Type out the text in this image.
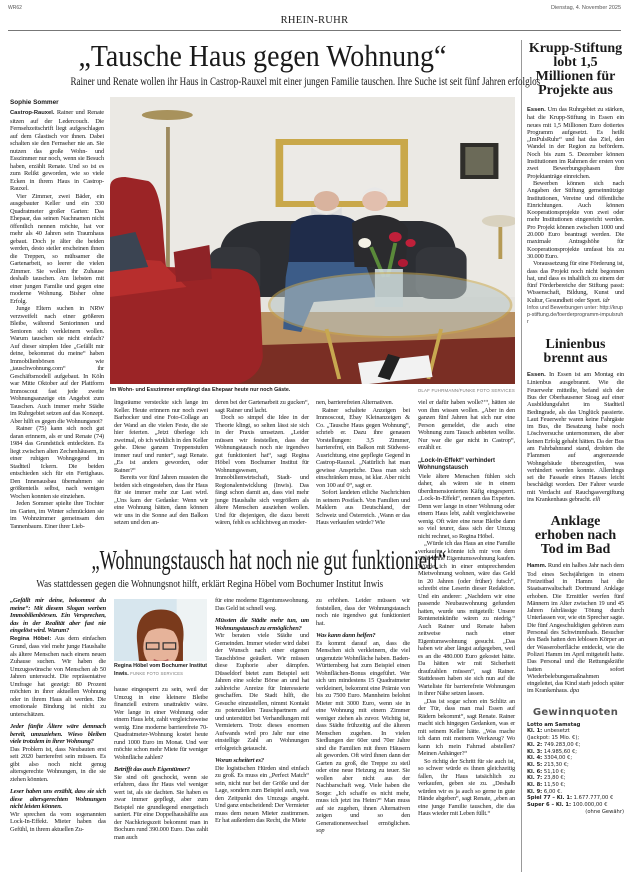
WR62
RHEIN-RUHR
Dienstag, 4. November 2025
„Tausche Haus gegen Wohnung“
Rainer und Renate wollen ihr Haus in Castrop-Rauxel mit einer jungen Familie tauschen. Ihre Suche ist seit fünf Jahren erfolglos
Sophie Sommer

Castrop-Rauxel. Rainer und Renate sitzen auf der Ledercouch. Die Fernsehzeitschrift liegt aufgeschlagen auf dem Glastisch vor ihnen. Dabei schalten sie den Fernseher nie an. Sie nutzen das große Wohn- und Esszimmer nur noch, wenn sie Besuch haben, erzählt Renate. Und so ist es zum Relikt geworden, wie so viele Ecken in ihrem Haus in Castrop-Rauxel.

Vier Zimmer, zwei Bäder, ein ausgebauter Keller und ein 330 Quadratmeter großer Garten: Das Ehepaar, das seinen Nachnamen nicht öffentlich nennen möchte, hat vor mehr als 40 Jahren sein Traumhaus gebaut. Doch je älter die beiden werden, desto steiler erscheinen ihnen die Treppen, so mühsamer die Gartenarbeit, so leerer die vielen Zimmer. Sie wollen ihr Zuhause deshalb tauschen. Am liebsten mit einer jungen Familie und gegen eine moderne Wohnung. Bisher ohne Erfolg.

Junge Eltern suchen in NRW verzweifelt nach einer größeren Bleibe, während Seniorinnen und Senioren sich verkleinern wollen. Warum tauschen sie nicht einfach? Auf dieser simplen Idee „Gefällt mir deine, bekommst du meine“ haben Immobilienbörsen wie „tauschwohnung.com“ ihr Geschäftsmodell aufgebaut. In Köln war Mitte Oktober auf der Plattform Immoscout fast jede zweite Wohnungsanzeige ein Angebot zum Tauschen. Auch immer mehr Städte im Ruhrgebiet setzen auf das Konzept. Aber hilft es gegen die Wohnungsnot?

Rainer (75) kann sich noch gut daran erinnern, als er und Renate (74) 1984 das Grundstück entdeckten. Es liegt zwischen alten Zechenhäusern, in einer ruhigen Wohngegend im Stadtteil Ickern. Die beiden entschieden sich für ein Fertighaus. Den Innenausbau übernahmen sie größtenteils selbst, nach wenigen Wochen konnten sie einziehen.

Jeden Sommer spielte ihre Tochter im Garten, im Winter schmückten sie im Wohnzimmer gemeinsam den Tannenbaum. Einer ihrer Lieb-

Im Wohn- und Esszimmer empfängt das Ehepaar heute nur noch Gäste.	OLAF FUHRMANN/FUNKE FOTO SERVICES

lingsräume versteckte sich lange im Keller. Heute erinnern nur noch zwei Barhocker und eine Foto-Collage an der Wand an die vielen Feste, die sie hier feierten. „Jetzt überlege ich zweimal, ob ich wirklich in den Keller gehe. Diese ganzen Treppenstufen immer rauf und runter“, sagt Renate. „Es ist anders geworden, oder Rainer?“

Bereits vor fünf Jahren mussten die beiden sich eingestehen, dass ihr Haus für sie immer mehr zur Last wird. „Uns kam der Gedanke: Wenn wir eine Wohnung hätten, dann können wir uns in die Sonne auf den Balkon setzen und den an-

deren bei der Gartenarbeit zu gucken“, sagt Rainer und lacht.

Doch so simpel die Idee in der Theorie klingt, so selten lässt sie sich in der Praxis umsetzen. „Leider müssen wir feststellen, dass der Wohnungstausch noch nie irgendwo gut funktioniert hat“, sagt Regina Höbel vom Bochumer Institut für Wohnungswesen, Immobilienwirtschaft, Stadt- und Regionalentwicklung (Inwis). Das fängt schon damit an, dass viel mehr junge Haushalte sich vergrößern als ältere Menschen ausziehen wollen. Und für diejenigen, die dazu bereit wären, fehlt es schlichtweg an moder-

nen, barrierefreien Alternativen.

Rainer schaltete Anzeigen bei Immoscout, Ebay Kleinanzeigen & Co. „Tausche Haus gegen Wohnung“, schrieb er. Dazu ihre genauen Vorstellungen: 3,5 Zimmer, barrierefrei, ein Balkon mit Südwest-Ausrichtung, eine gepflegte Gegend in Castrop-Rauxel. „Natürlich hat man gewisse Ansprüche. Dass man sich einschränken muss, ist klar. Aber nicht von 100 auf 0“, sagt er.

Sofort landeten etliche Nachrichten in seinem Postfach. Von Familien und Maklern aus Deutschland, der Schweiz und Österreich. ‚Wann er das Haus verkaufen würde? Wie

viel er dafür haben wolle?‘“, hätten sie von ihm wissen wollen. „Aber in den ganzen fünf Jahren hat sich nur eine Person gemeldet, die auch eine Wohnung zum Tausch anbieten wollte. Nur war die gar nicht in Castrop“, erzählt er.

„Lock-In-Effekt“ verhindert Wohnungstausch

Viele ältere Menschen fühlen sich daher, als wären sie in einem überdimensionierten Käfig eingesperrt. „Lock-In-Effekt“, nennen das Experten. Denn wer lange in einer Wohnung oder einem Haus lebt, zahlt vergleichsweise wenig. Oft wäre eine neue Bleibe dann so viel teurer, dass sich der Umzug nicht rechnet, so Regina Höbel.

„Würde ich das Haus an eine Familie verkaufen, könnte ich mir von dem Geld keine Eigentumswohnung kaufen. Würde ich in einer entsprechenden Mietwohnung wohnen, wäre das Geld in 20 Jahren (oder früher) futsch“, schreibt eine Leserin dieser Redaktion. Und ein anderer: „Nachdem wir eine passende Neubauwohnung gefunden hatten, wurde uns mitgeteilt: Unsere Renteneinkünfte wären zu niedrig.“ Auch Rainer und Renate haben zeitweise nach einer Eigentumswohnung gesucht. „Das haben wir aber längst aufgegeben, weil es an die 480.000 Euro gekostet hätte. Da hätten wir mit Sicherheit draufzahlen müssen“, sagt Rainer. Stattdessen haben sie sich nun auf die Warteliste für barrierefreie Wohnungen in ihrer Nähe setzen lassen.

„Das ist sogar schon ein Schlitz an der Tür, dass man mal Essen auf Rädern bekommt“, sagt Renate. Rainer macht sich hingegen Gedanken, was er mit seinem Keller hätte. „Was mache ich dann mit meinem Werkzeug? Wo kann ich mein Fahrrad abstellen? Meinen Anhänger?“

So richtig der Schritt für sie auch ist, so schwer würde es ihnen gleichzeitig fallen, ihr Haus tatsächlich zu verkaufen, geben sie zu. „Deshalb würden wir es ja auch so gerne in gute Hände abgeben“, sagt Renate, „eben an eine junge Familie tauschen, die das Haus wieder mit Leben füllt.“

„Wohnungstausch hat noch nie gut funktioniert“
Was stattdessen gegen die Wohnungsnot hilft, erklärt Regina Höbel vom Bochumer Institut Inwis

„Gefällt mir deine, bekommst du meine“: Mit diesem Slogan werben Immobilienbörsen. Ein Versprechen, das in der Realität aber fast nie eingelöst wird. Warum?

Regina Höbel: Aus dem einfachen Grund, dass viel mehr junge Haushalte als ältere Menschen nach einem neuen Zuhause suchen. Wir haben die Umzugswünsche von Menschen ab 50 Jahren untersucht. Die repräsentative Umfrage hat gezeigt: 80 Prozent möchten in ihrer aktuellen Wohnung oder in ihrem Haus alt werden. Die emotionale Bindung ist nicht zu unterschätzen.

Jeder fünfte Ältere wäre demnach bereit, umzuziehen. Wieso bleiben viele trotzdem in ihrer Wohnung?

Das Problem ist, dass Neubauten erst seit 2020 barrierefrei sein müssen. Es gibt also noch nicht genug altersgerechte Wohnungen, in die sie ziehen könnten.

Leser haben uns erzählt, dass sie sich diese altersgerechten Wohnungen nicht leisten können.

Wir sprechen da vom sogenannten Lock-In-Effekt. Mieter haben das Gefühl, in ihrem aktuellen Zu-

Regina Höbel vom Bochumer Institut Inwis. FUNKE FOTO SERVICES

hause eingesperrt zu sein, weil der Umzug in eine kleinere Bleibe finanziell extrem unattraktiv wäre. Wer lange in einer Wohnung oder einem Haus lebt, zahlt vergleichsweise wenig. Eine moderne barrierefreie 70-Quadratmeter-Wohnung kostet heute rund 1000 Euro im Monat. Und wer möchte schon mehr Miete für weniger Wohnfläche zahlen?

Betrifft das auch Eigentümer?

Sie sind oft geschockt, wenn sie erfahren, dass ihr Haus viel weniger wert ist, als sie dachten. Sie haben es zwar immer gepflegt, aber zum Beispiel nie grundlegend energetisch saniert. Für eine Doppelhaushälfte aus der Nachkriegszeit bekommt man in Bochum rund 390.000 Euro. Das zahlt man auch

für eine moderne Eigentumswohnung. Das Geld ist schnell weg.

Müssten die Städte mehr tun, um Wohnungstausch zu ermöglichen?

Wir beraten viele Städte und Gemeinden. Immer wieder wird dabei der Wunsch nach einer eigenen Tauschbörse geäußert. Wir müssen diese Euphorie aber dämpfen. Düsseldorf bietet zum Beispiel seit Jahren eine solche Börse an und hat zahlreiche Anreize für Interessierte geschaffen. Die Stadt hilft, die Gesuche einzustellen, nimmt Kontakt zu potenziellen Tauschpartnern auf und unterstützt bei Verhandlungen mit Vermietern. Trotz dieses enormen Aufwands wird pro Jahr nur eine einstellige Zahl an Wohnungen erfolgreich getauscht.

Woran scheitert es?

Die logistischen Hürden sind einfach zu groß. Es muss ein „Perfect Match“ sein, nicht nur bei der Größe und der Lage, sondern zum Beispiel auch, was den Zeitpunkt des Umzugs angeht. Und ganz entscheidend: Der Vermieter muss dem neuen Mieter zustimmen. Er hat außerdem das Recht, die Miete

zu erhöhen. Leider müssen wir feststellen, dass der Wohnungstausch noch nie irgendwo gut funktioniert hat.

Was kann dann helfen?

Es kommt darauf an, dass die Menschen sich verkleinern, die viel ungenutzte Wohnfläche haben. Baden-Württemberg hat zum Beispiel einen Wohnflächen-Bonus eingeführt. Wer sich um mindestens 15 Quadratmeter verkleinert, bekommt eine Prämie von bis zu 7500 Euro. Mannheim belohnt Mieter mit 3000 Euro, wenn sie in eine Wohnung mit einem Zimmer weniger ziehen als zuvor. Wichtig ist, dass Städte frühzeitig auf die älteren Menschen zugehen. In vielen Siedlungen der 60er und 70er Jahre sind die Familien mit ihren Häusern alt geworden. Oft wird ihnen dann der Garten zu groß, die Treppe zu steil oder eine neue Heizung zu teuer. Sie wollen aber nicht aus der Nachbarschaft weg. Viele haben die Sorge: „Ich schaffe es nicht mehr, muss ich jetzt ins Heim?“ Man muss auf sie zugehen, ihnen Alternativen zeigen und so den Generationenwechsel ermöglichen. sop

Krupp-Stiftung lobt 1,5 Millionen für Projekte aus

Essen. Um das Ruhrgebiet zu stärken, hat die Krupp-Stiftung in Essen ein neues mit 1,5 Millionen Euro dotiertes Programm aufgesetzt. Es heißt „ImPulsRuhr“ und hat das Ziel, den Wandel in der Region zu befördern. Noch bis zum 5. Dezember können Institutionen im Rahmen der ersten von zwei Bewerbungsphasen ihre Projektanträge einreichen.

Bewerben können sich nach Angaben der Stiftung gemeinnützige Institutionen, Vereine und öffentliche Einrichtungen. Auch können Kooperationsprojekte von zwei oder mehr Institutionen eingereicht werden. Pro Projekt können zwischen 1000 und 20.000 Euro beantragt werden. Die maximale Antragshöhe für Kooperationsprojekte umfasst bis zu 30.000 Euro.

Voraussetzung für eine Förderung ist, dass das Projekt noch nicht begonnen hat, und dass es inhaltlich zu einem der fünf Förderbereiche der Stiftung passt: Wissenschaft, Bildung, Kunst und Kultur, Gesundheit oder Sport. idr

Infos und Bewerbungen unter: http://krupp-stiftung.de/foerderprogramm-impulsruhr
Linienbus brennt aus

Essen. In Essen ist am Montag ein Linienbus ausgebrannt. Wie die Feuerwehr mitteilte, befand sich der Bus der Oberhausener Stoag auf einer Ausbildungsfahrt im Stadtteil Bedingrade, als das Unglück passierte. Laut Feuerwehr waren keine Fahrgäste im Bus, die Besatzung habe noch Löschversuche unternommen, die aber keinen Erfolg gehabt hätten. Da der Bus am Fahrbahnrand stand, drohten die Flammen auf angrenzende Wohngebäude überzugreifen, was verhindert werden konnte. Allerdings sei die Fassade eines Hauses leicht beschädigt worden. Der Fahrer wurde mit Verdacht auf Rauchgasvergiftung ins Krankenhaus gebracht. elli

Anklage erhoben nach Tod im Bad

Hamm. Rund ein halbes Jahr nach dem Tod eines Sechsjährigen in einem Freizeitbad in Hamm hat die Staatsanwaltschaft Dortmund Anklage erhoben. Die Ermittler werfen fünf Männern im Alter zwischen 19 und 45 Jahren fahrlässige Tötung durch Unterlassen vor, wie ein Sprecher sagte. Die fünf Angeschuldigten gehören zum Personal des Schwimmbads. Besucher des Bads hatten den leblosen Körper an der Wasseroberfläche entdeckt, wie die Polizei Hamm im April mitgeteilt hatte. Das Personal und die Rettungskräfte hatten sofort Wiederbelebungsmaßnahmen eingeleitet, das Kind starb jedoch später im Krankenhaus. dpa

Gewinnquoten
Lotto am Samstag
Kl. 1: unbesetzt
(Jackpot: 15 Mio. €);
Kl. 2: 749.283,00 €;
Kl. 3: 14.985,60 €;
Kl. 4: 3304,00 €;
Kl. 5: 213,30 €;
Kl. 6: 51,10 €;
Kl. 7: 23,80 €;
Kl. 8: 11,50 €;
Kl. 9: 6,00 €.
Spiel 77 – Kl. 1: 1.677.777,00 €
Super 6 – Kl. 1: 100.000,00 €
(ohne Gewähr)
